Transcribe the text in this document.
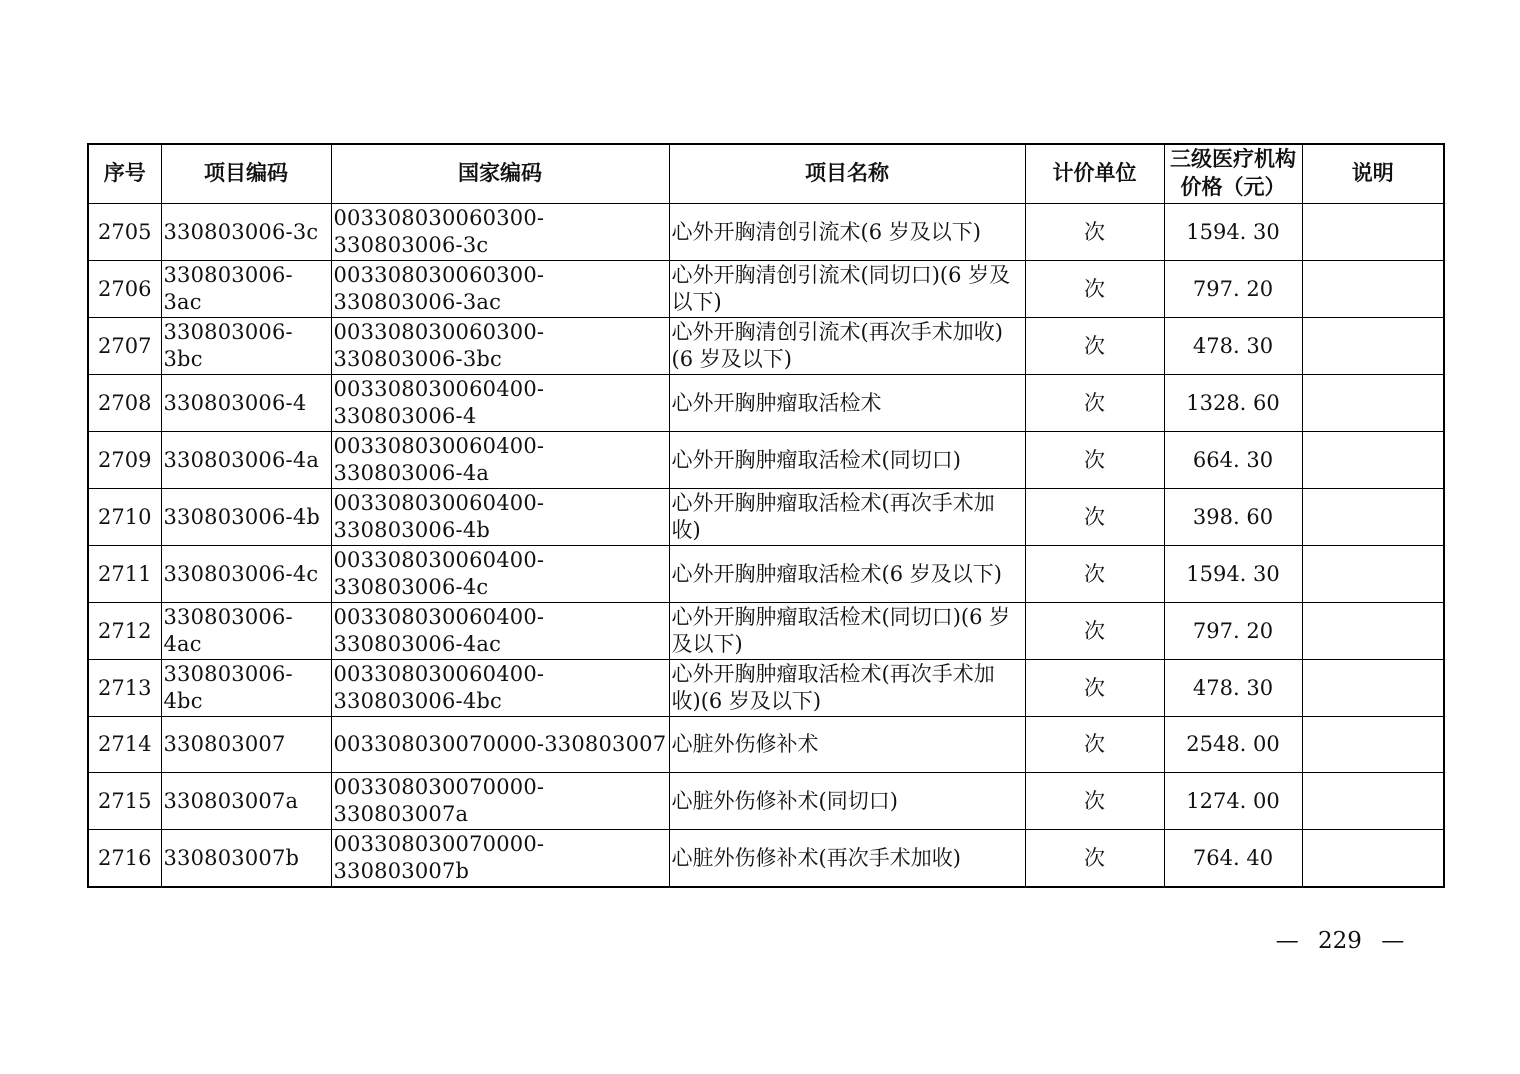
序号	项目编码	国家编码	项目名称	计价单位	三级医疗机构价格（元）	说明
2705	330803006-3c	003308030060300-330803006-3c	心外开胸清创引流术(6 岁及以下)	次	1594. 30	
2706	330803006-3ac	003308030060300-330803006-3ac	心外开胸清创引流术(同切口)(6 岁及以下)	次	797. 20	
2707	330803006-3bc	003308030060300-330803006-3bc	心外开胸清创引流术(再次手术加收)(6 岁及以下)	次	478. 30	
2708	330803006-4	003308030060400-330803006-4	心外开胸肿瘤取活检术	次	1328. 60	
2709	330803006-4a	003308030060400-330803006-4a	心外开胸肿瘤取活检术(同切口)	次	664. 30	
2710	330803006-4b	003308030060400-330803006-4b	心外开胸肿瘤取活检术(再次手术加收)	次	398. 60	
2711	330803006-4c	003308030060400-330803006-4c	心外开胸肿瘤取活检术(6 岁及以下)	次	1594. 30	
2712	330803006-4ac	003308030060400-330803006-4ac	心外开胸肿瘤取活检术(同切口)(6 岁及以下)	次	797. 20	
2713	330803006-4bc	003308030060400-330803006-4bc	心外开胸肿瘤取活检术(再次手术加收)(6 岁及以下)	次	478. 30	
2714	330803007	003308030070000-330803007	心脏外伤修补术	次	2548. 00	
2715	330803007a	003308030070000-330803007a	心脏外伤修补术(同切口)	次	1274. 00	
2716	330803007b	003308030070000-330803007b	心脏外伤修补术(再次手术加收)	次	764. 40	
— 229 —
